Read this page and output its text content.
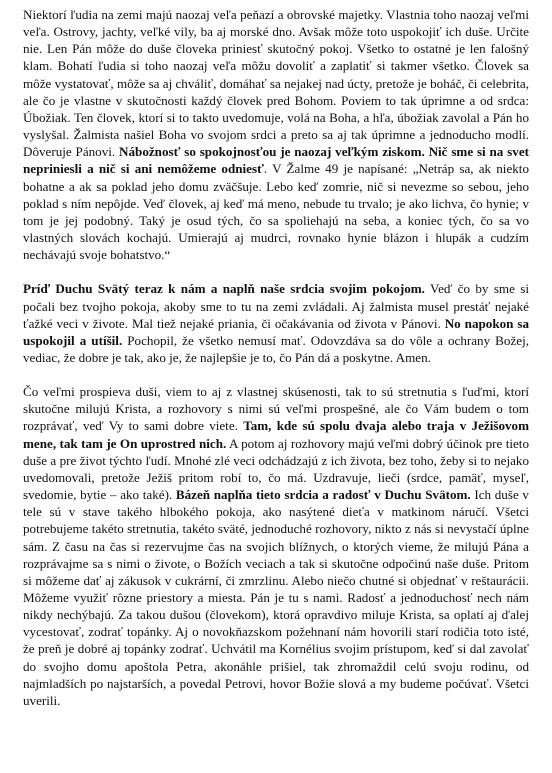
Niektorí ľudia na zemi majú naozaj veľa peňazí a obrovské majetky. Vlastnia toho naozaj veľmi veľa. Ostrovy, jachty, veľké vily, ba aj morské dno. Avšak môže toto uspokojiť ich duše. Určite nie. Len Pán môže do duše človeka priniesť skutočný pokoj. Všetko to ostatné je len falošný klam. Bohatí ľudia si toho naozaj veľa môžu dovoliť a zaplatiť si takmer všetko. Človek sa môže vystatovať, môže sa aj chváliť, domáhať sa nejakej nad úcty, pretože je boháč, či celebrita, ale čo je vlastne v skutočnosti každý človek pred Bohom. Poviem to tak úprimne a od srdca: Úbožiak. Ten človek, ktorí si to takto uvedomuje, volá na Boha, a hľa, úbožiak zavolal a Pán ho vyslyšal. Žalmista našiel Boha vo svojom srdci a preto sa aj tak úprimne a jednoducho modlí. Dôveruje Pánovi. Nábožnosť so spokojnosťou je naozaj veľkým ziskom. Nič sme si na svet nepriniesli a nič si ani nemôžeme odniesť. V Žalme 49 je napísané: „Netráp sa, ak niekto bohatne a ak sa poklad jeho domu zväčšuje. Lebo keď zomrie, nič si nevezme so sebou, jeho poklad s ním nepôjde. Veď človek, aj keď má meno, nebude tu trvalo; je ako lichva, čo hynie; v tom je jej podobný. Taký je osud tých, čo sa spoliehajú na seba, a koniec tých, čo sa vo vlastných slovách kochajú. Umierajú aj mudrci, rovnako hynie blázon i hlupák a cudzím nechávajú svoje bohatstvo.“

Príď Duchu Svätý teraz k nám a naplň naše srdcia svojim pokojom. Veď čo by sme si počali bez tvojho pokoja, akoby sme to tu na zemi zvládali. Aj žalmista musel prestáť nejaké ťažké veci v živote. Mal tiež nejaké priania, či očakávania od života v Pánovi. No napokon sa uspokojil a utíšil. Pochopil, že všetko nemusí mať. Odovzdáva sa do vôle a ochrany Božej, vediac, že dobre je tak, ako je, že najlepšie je to, čo Pán dá a poskytne. Amen.

Čo veľmi prospieva duši, viem to aj z vlastnej skúsenosti, tak to sú stretnutia s ľuďmi, ktorí skutočne milujú Krista, a rozhovory s nimi sú veľmi prospešné, ale čo Vám budem o tom rozprávať, veď Vy to sami dobre viete. Tam, kde sú spolu dvaja alebo traja v Ježišovom mene, tak tam je On uprostred nich. A potom aj rozhovory majú veľmi dobrý účinok pre tieto duše a pre život týchto ľudí. Mnohé zlé veci odchádzajú z ich života, bez toho, žeby si to nejako uvedomovali, pretože Ježiš pritom robí to, čo má. Uzdravuje, lieči (srdce, pamäť, myseľ, svedomie, bytie – ako také). Bázeň naplňa tieto srdcia a radosť v Duchu Svätom. Ich duše v tele sú v stave takého hlbokého pokoja, ako nasýtené dieťa v matkinom náručí. Všetci potrebujeme takéto stretnutia, takéto sväté, jednoduché rozhovory, nikto z nás si nevystačí úplne sám. Z času na čas si rezervujme čas na svojich blížnych, o ktorých vieme, že milujú Pána a rozprávajme sa s nimi o živote, o Božích veciach a tak si skutočne odpočinú naše duše. Pritom si môžeme dať aj zákusok v cukrární, či zmrzlinu. Alebo niečo chutné si objednať v reštaurácii. Môžeme využiť rôzne priestory a miesta. Pán je tu s nami. Radosť a jednoduchosť nech nám nikdy nechýbajú. Za takou dušou (človekom), ktorá opravdivo miluje Krista, sa oplatí aj ďalej vycestovať, zodrať topánky. Aj o novokňazskom požehnaní nám hovorili starí rodičia toto isté, že preň je dobré aj topánky zodrať. Uchvátil ma Kornélius svojim prístupom, keď si dal zavolať do svojho domu apoštola Petra, akonáhle prišiel, tak zhromaždil celú svoju rodinu, od najmladších po najstarších, a povedal Petrovi, hovor Božie slová a my budeme počúvať. Všetci uverili.
